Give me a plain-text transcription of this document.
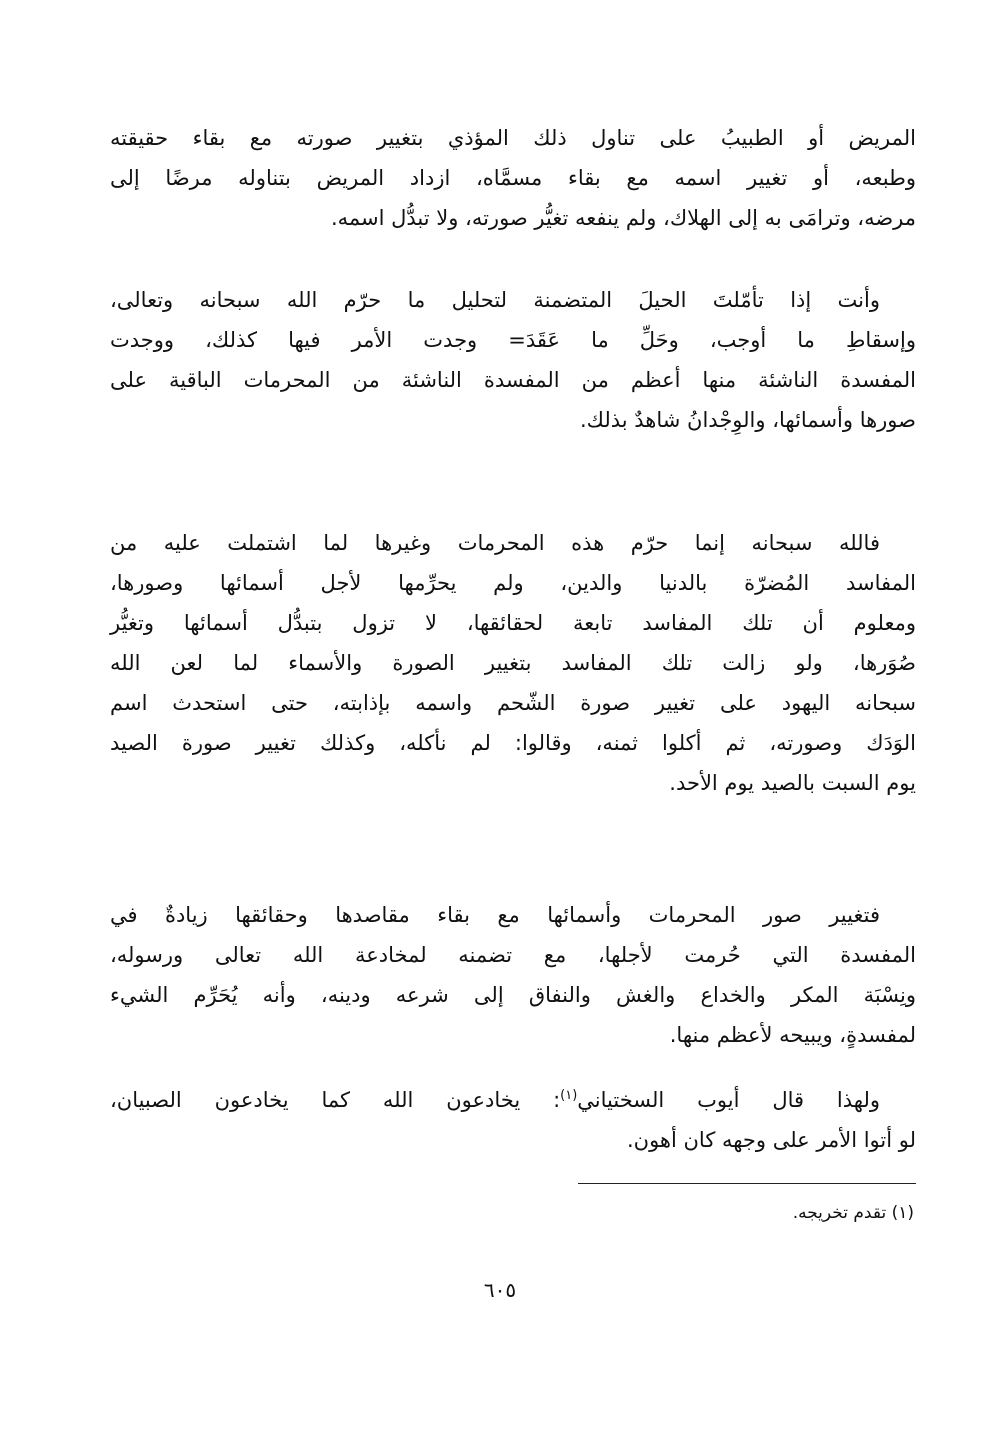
المريض أو الطبيبُ على تناول ذلك المؤذي بتغيير صورته مع بقاء حقيقته
وطبعه، أو تغيير اسمه مع بقاء مسمَّاه، ازداد المريض بتناوله مرضًا إلى
مرضه، وترامَى به إلى الهلاك، ولم ينفعه تغيُّر صورته، ولا تبدُّل اسمه.
وأنت إذا تأمّلتَ الحيلَ المتضمنة لتحليل ما حرّم الله سبحانه وتعالى،
وإسقاطِ ما أوجب، وحَلِّ ما عَقَدَ= وجدت الأمر فيها كذلك، ووجدت
المفسدة الناشئة منها أعظم من المفسدة الناشئة من المحرمات الباقية على
صورها وأسمائها، والوِجْدانُ شاهدٌ بذلك.
فالله سبحانه إنما حرّم هذه المحرمات وغيرها لما اشتملت عليه من
المفاسد المُضرّة بالدنيا والدين، ولم يحرِّمها لأجل أسمائها وصورها،
ومعلوم أن تلك المفاسد تابعة لحقائقها، لا تزول بتبدُّل أسمائها وتغيُّر
صُوَرها، ولو زالت تلك المفاسد بتغيير الصورة والأسماء لما لعن الله
سبحانه اليهود على تغيير صورة الشّحم واسمه بإذابته، حتى استحدث اسم
الوَدَك وصورته، ثم أكلوا ثمنه، وقالوا: لم نأكله، وكذلك تغيير صورة الصيد
يوم السبت بالصيد يوم الأحد.
فتغيير صور المحرمات وأسمائها مع بقاء مقاصدها وحقائقها زيادةٌ في
المفسدة التي حُرمت لأجلها، مع تضمنه لمخادعة الله تعالى ورسوله،
ونِسْبَة المكر والخداع والغش والنفاق إلى شرعه ودينه، وأنه يُحَرِّم الشيء
لمفسدةٍ، ويبيحه لأعظم منها.
ولهذا قال أيوب السختياني$^{(١)}$: يخادعون الله كما يخادعون الصبيان،
لو أتوا الأمر على وجهه كان أهون.
(١) تقدم تخريجه.
٦٠٥
